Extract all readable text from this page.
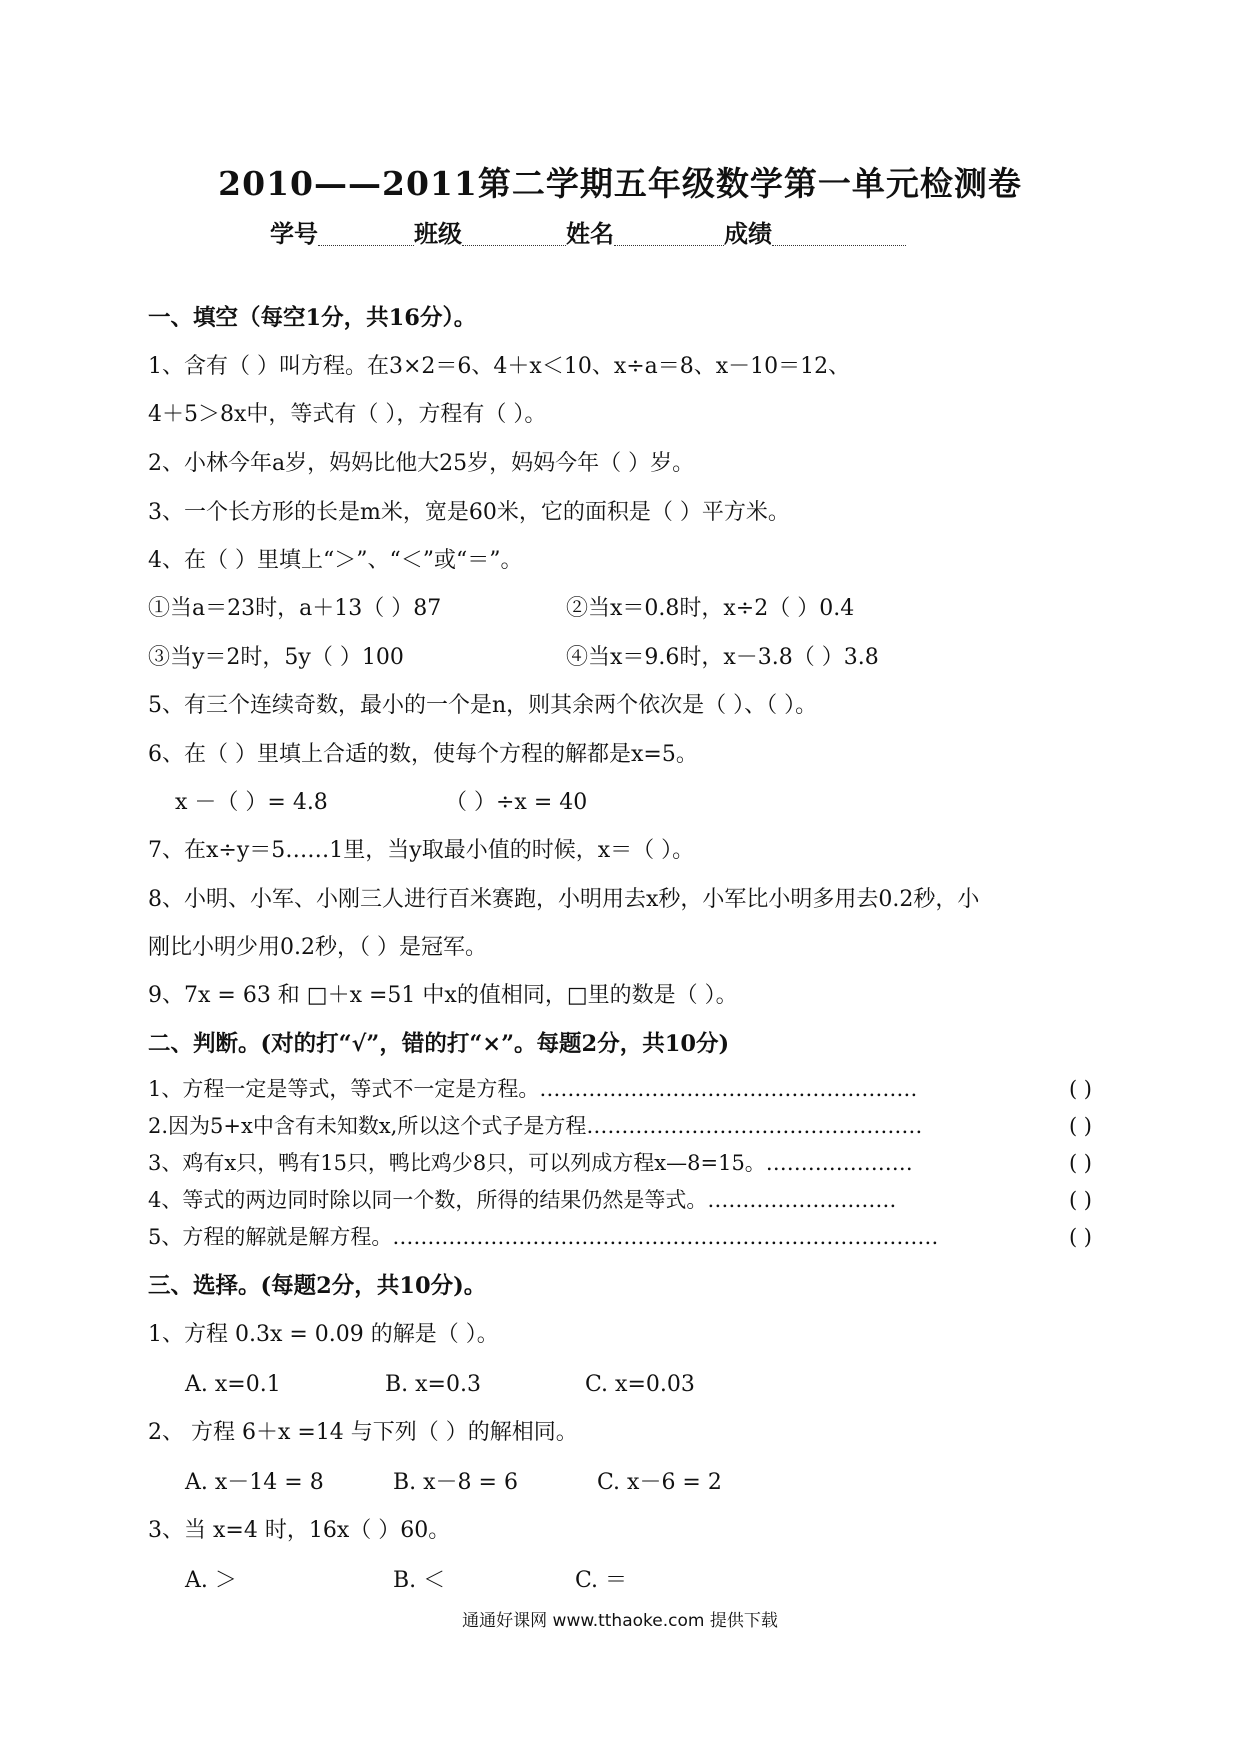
2010——2011第二学期五年级数学第一单元检测卷
学号	班级	姓名	成绩
一、填空（每空1分，共16分）。
1、含有（ ）叫方程。在3×2＝6、4＋x＜10、x÷a＝8、x－10＝12、
4＋5＞8x中，等式有（ ），方程有（ ）。
2、小林今年a岁，妈妈比他大25岁，妈妈今年（ ）岁。
3、一个长方形的长是m米，宽是60米，它的面积是（ ）平方米。
4、在（ ）里填上“＞”、“＜”或“＝”。
①当a＝23时，a＋13（ ）87	②当x＝0.8时，x÷2（ ）0.4
③当y＝2时，5y（ ）100	④当x＝9.6时，x－3.8（ ）3.8
5、有三个连续奇数，最小的一个是n，则其余两个依次是（ ）、（ ）。
6、在（ ）里填上合适的数，使每个方程的解都是x=5。
x －（ ）= 4.8	（ ）÷x = 40
7、在x÷y＝5……1里，当y取最小值的时候，x＝（ ）。
8、小明、小军、小刚三人进行百米赛跑，小明用去x秒，小军比小明多用去0.2秒，小
刚比小明少用0.2秒，（ ）是冠军。
9、7x = 63 和 □＋x =51 中x的值相同，□里的数是（ ）。
二、判断。(对的打“√”，错的打“×”。每题2分，共10分)
1、方程一定是等式，等式不一定是方程。………………………………………………	( )
2.因为5+x中含有未知数x,所以这个式子是方程…………………………………………	( )
3、鸡有x只，鸭有15只，鸭比鸡少8只，可以列成方程x—8=15。…………………	( )
4、等式的两边同时除以同一个数，所得的结果仍然是等式。………………………	( )
5、方程的解就是解方程。……………………………………………………………………	( )
三、选择。(每题2分，共10分)。
1、方程 0.3x = 0.09 的解是（ ）。
A. x=0.1	B. x=0.3	C. x=0.03
2、 方程 6＋x =14 与下列（ ）的解相同。
A. x－14 = 8	B. x－8 = 6	C. x－6 = 2
3、当 x=4 时，16x（ ）60。
A. ＞	B. ＜	C. ＝
通通好课网 www.tthaoke.com 提供下载
